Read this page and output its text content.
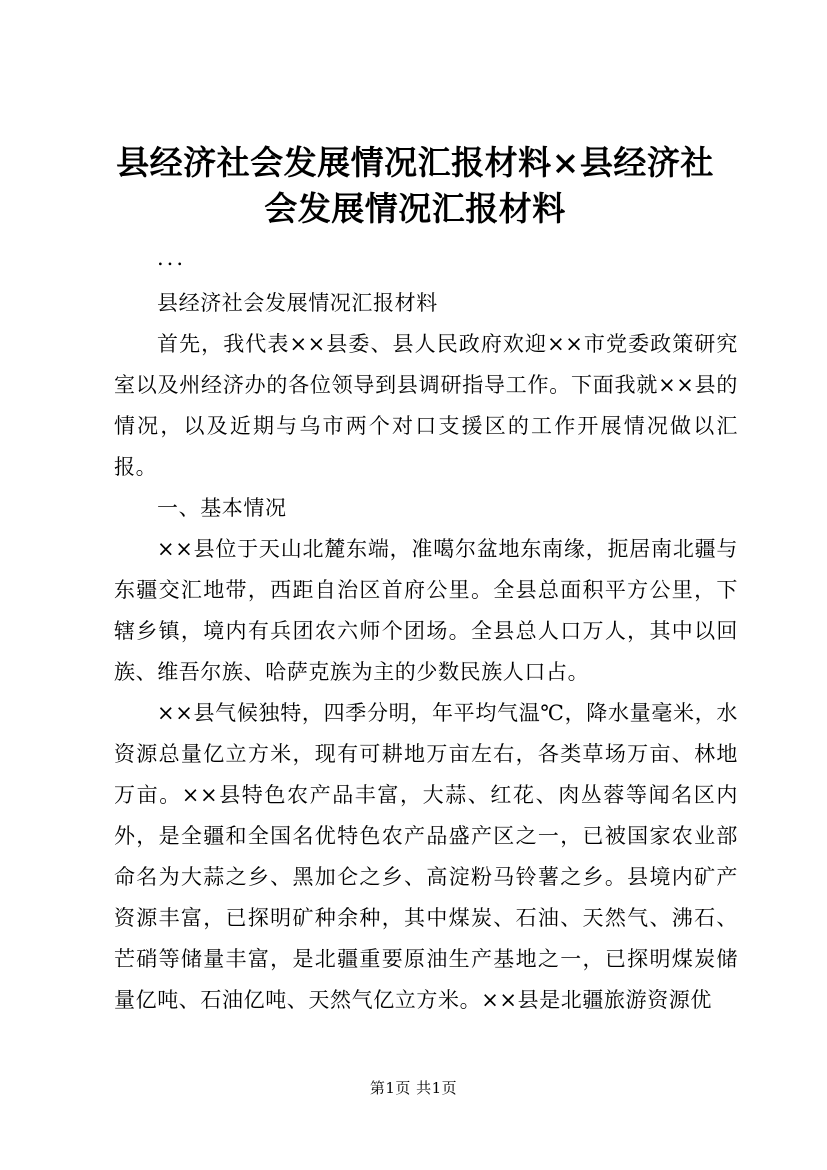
县经济社会发展情况汇报材料×县经济社会发展情况汇报材料

...

县经济社会发展情况汇报材料

首先，我代表××县委、县人民政府欢迎××市党委政策研究室以及州经济办的各位领导到县调研指导工作。下面我就××县的情况，以及近期与乌市两个对口支援区的工作开展情况做以汇报。

一、基本情况

××县位于天山北麓东端，准噶尔盆地东南缘，扼居南北疆与东疆交汇地带，西距自治区首府公里。全县总面积平方公里，下辖乡镇，境内有兵团农六师个团场。全县总人口万人，其中以回族、维吾尔族、哈萨克族为主的少数民族人口占。

××县气候独特，四季分明，年平均气温℃，降水量毫米，水资源总量亿立方米，现有可耕地万亩左右，各类草场万亩、林地万亩。××县特色农产品丰富，大蒜、红花、肉丛蓉等闻名区内外，是全疆和全国名优特色农产品盛产区之一，已被国家农业部命名为大蒜之乡、黑加仑之乡、高淀粉马铃薯之乡。县境内矿产资源丰富，已探明矿种余种，其中煤炭、石油、天然气、沸石、芒硝等储量丰富，是北疆重要原油生产基地之一，已探明煤炭储量亿吨、石油亿吨、天然气亿立方米。××县是北疆旅游资源优

第1页 共1页
